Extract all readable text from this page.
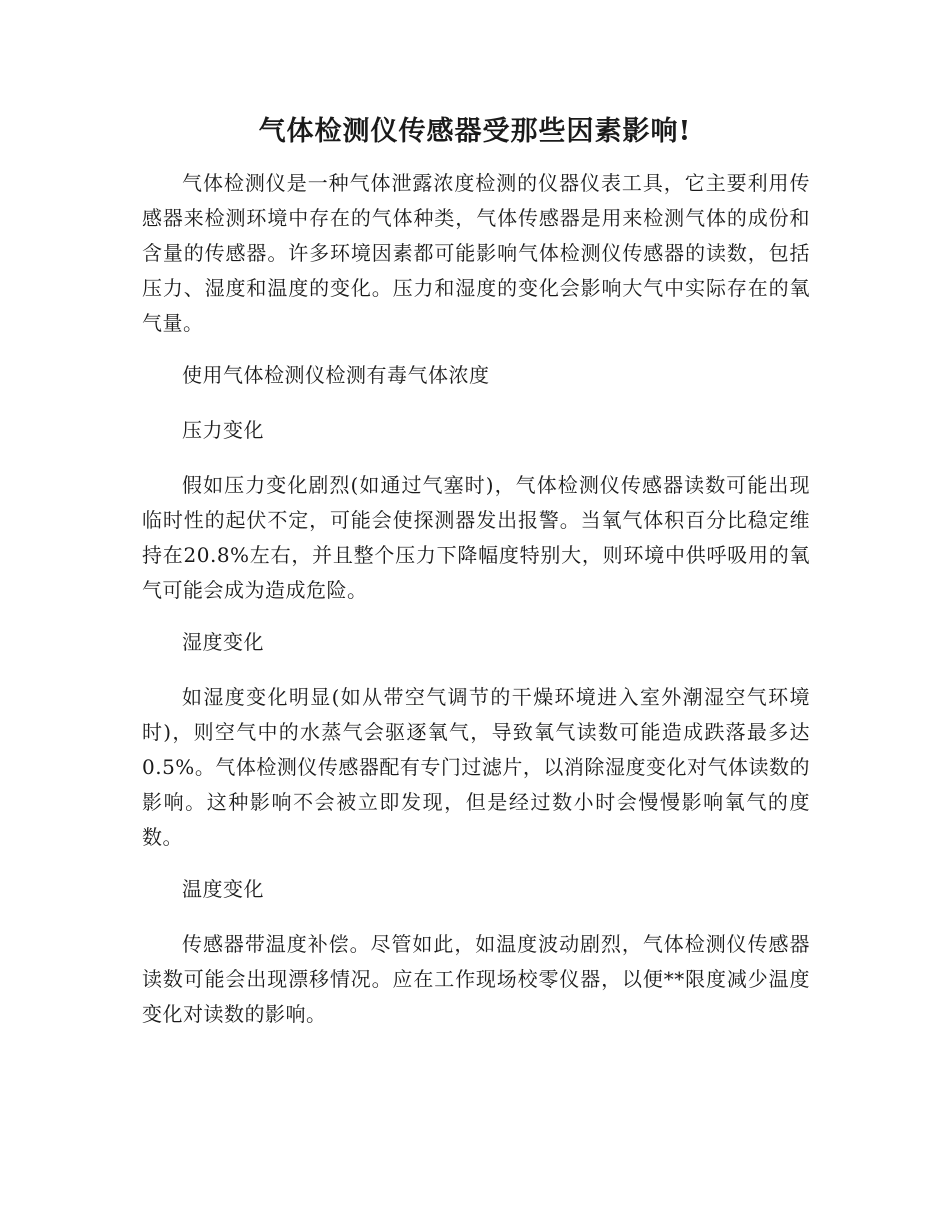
气体检测仪传感器受那些因素影响!

气体检测仪是一种气体泄露浓度检测的仪器仪表工具，它主要利用传感器来检测环境中存在的气体种类，气体传感器是用来检测气体的成份和含量的传感器。许多环境因素都可能影响气体检测仪传感器的读数，包括压力、湿度和温度的变化。压力和湿度的变化会影响大气中实际存在的氧气量。

使用气体检测仪检测有毒气体浓度

压力变化

假如压力变化剧烈(如通过气塞时)，气体检测仪传感器读数可能出现临时性的起伏不定，可能会使探测器发出报警。当氧气体积百分比稳定维持在20.8%左右，并且整个压力下降幅度特别大，则环境中供呼吸用的氧气可能会成为造成危险。

湿度变化

如湿度变化明显(如从带空气调节的干燥环境进入室外潮湿空气环境时)，则空气中的水蒸气会驱逐氧气，导致氧气读数可能造成跌落最多达0.5%。气体检测仪传感器配有专门过滤片，以消除湿度变化对气体读数的影响。这种影响不会被立即发现，但是经过数小时会慢慢影响氧气的度数。

温度变化

传感器带温度补偿。尽管如此，如温度波动剧烈，气体检测仪传感器读数可能会出现漂移情况。应在工作现场校零仪器，以便**限度减少温度变化对读数的影响。
